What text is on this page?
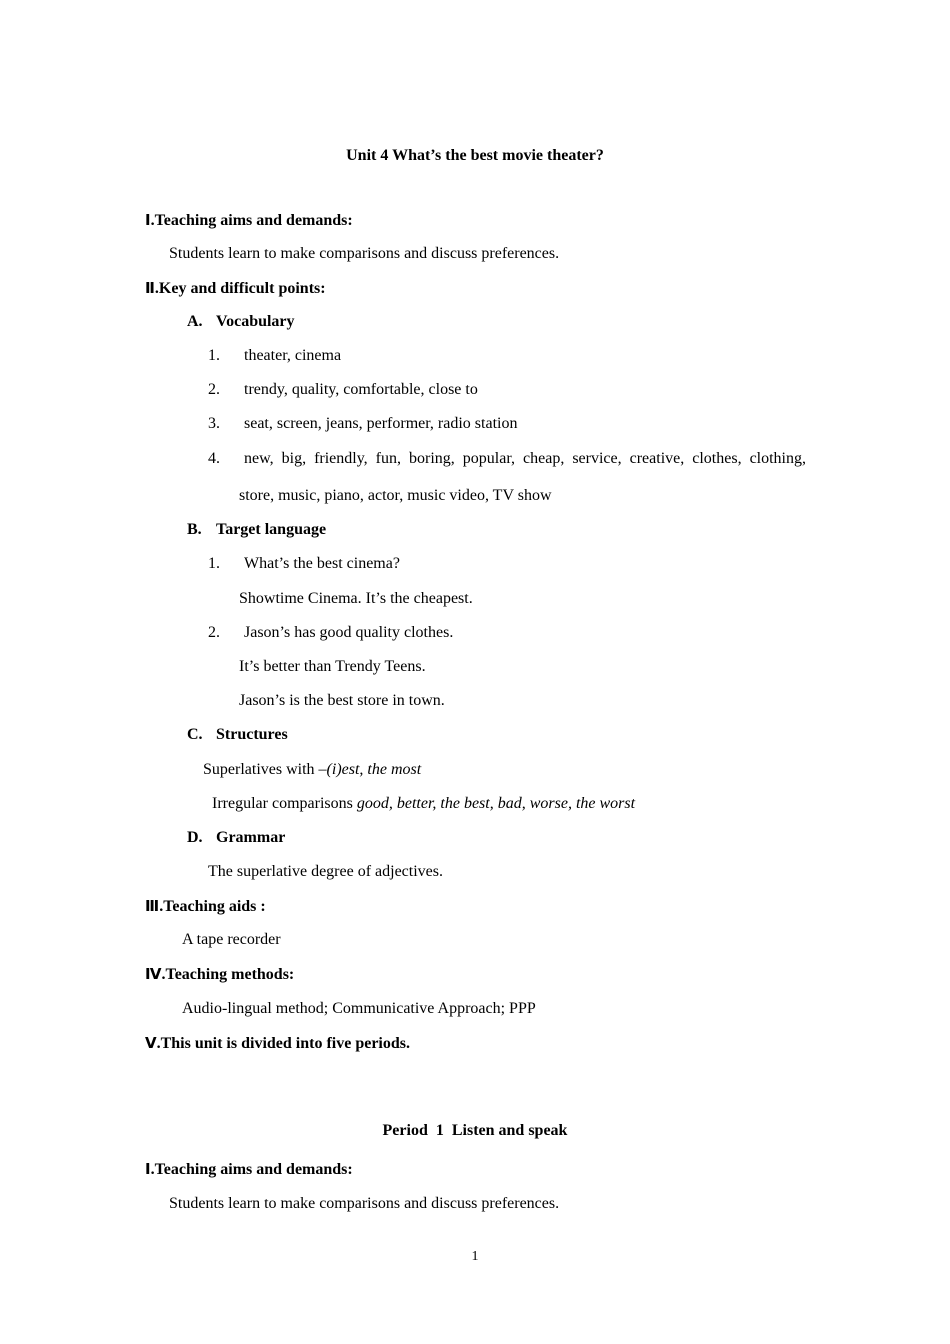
Unit 4 What’s the best movie theater?
Ⅰ.Teaching aims and demands:
Students learn to make comparisons and discuss preferences.
Ⅱ.Key and difficult points:
A. Vocabulary
1. theater, cinema
2. trendy, quality, comfortable, close to
3. seat, screen, jeans, performer, radio station
4. new, big, friendly, fun, boring, popular, cheap, service, creative, clothes, clothing,
store, music, piano, actor, music video, TV show
B. Target language
1. What’s the best cinema?
Showtime Cinema. It’s the cheapest.
2. Jason’s has good quality clothes.
It’s better than Trendy Teens.
Jason’s is the best store in town.
C. Structures
Superlatives with –(i)est, the most
Irregular comparisons good, better, the best, bad, worse, the worst
D. Grammar
The superlative degree of adjectives.
Ⅲ.Teaching aids :
A tape recorder
Ⅳ.Teaching methods:
Audio-lingual method; Communicative Approach; PPP
Ⅴ.This unit is divided into five periods.
Period  1  Listen and speak
Ⅰ.Teaching aims and demands:
Students learn to make comparisons and discuss preferences.
1
